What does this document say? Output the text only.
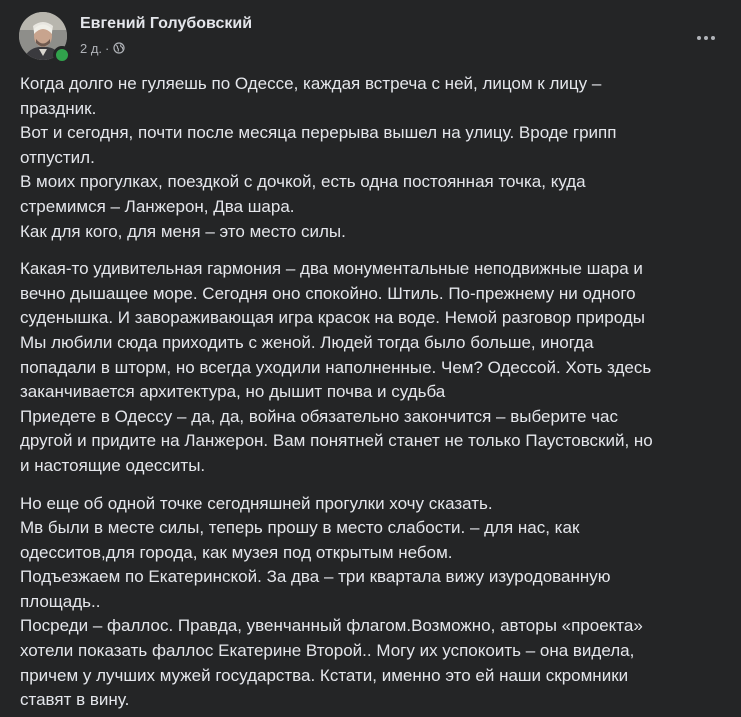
Евгений Голубовский
2 д. ·
Когда долго не гуляешь по Одессе, каждая встреча с ней, лицом к лицу –
праздник.
Вот и сегодня, почти после месяца перерыва вышел на улицу. Вроде грипп
отпустил.
В моих прогулках, поездкой с дочкой, есть одна постоянная точка, куда
стремимся – Ланжерон, Два шара.
Как для кого, для меня – это место силы.
Какая-то удивительная гармония – два монументальные неподвижные шара и
вечно дышащее море. Сегодня оно спокойно. Штиль. По-прежнему ни одного
суденышка. И завораживающая игра красок на воде. Немой разговор природы
Мы любили сюда приходить с женой. Людей тогда было больше, иногда
попадали в шторм, но всегда уходили наполненные. Чем? Одессой. Хоть здесь
заканчивается архитектура, но дышит почва и судьба
Приедете в Одессу – да, да, война обязательно закончится – выберите час
другой и придите на Ланжерон. Вам понятней станет не только Паустовский, но
и настоящие одесситы.
Но еще об одной точке сегодняшней прогулки хочу сказать.
Мв были в месте силы, теперь прошу в место слабости. – для нас, как
одесситов,для города, как музея под открытым небом.
Подъезжаем по Екатеринской. За два – три квартала вижу изуродованную
площадь..
Посреди – фаллос. Правда, увенчанный флагом.Возможно, авторы «проекта»
хотели показать фаллос Екатерине Второй.. Могу их успокоить – она видела,
причем у лучших мужей государства. Кстати, именно это ей наши скромники
ставят в вину.
